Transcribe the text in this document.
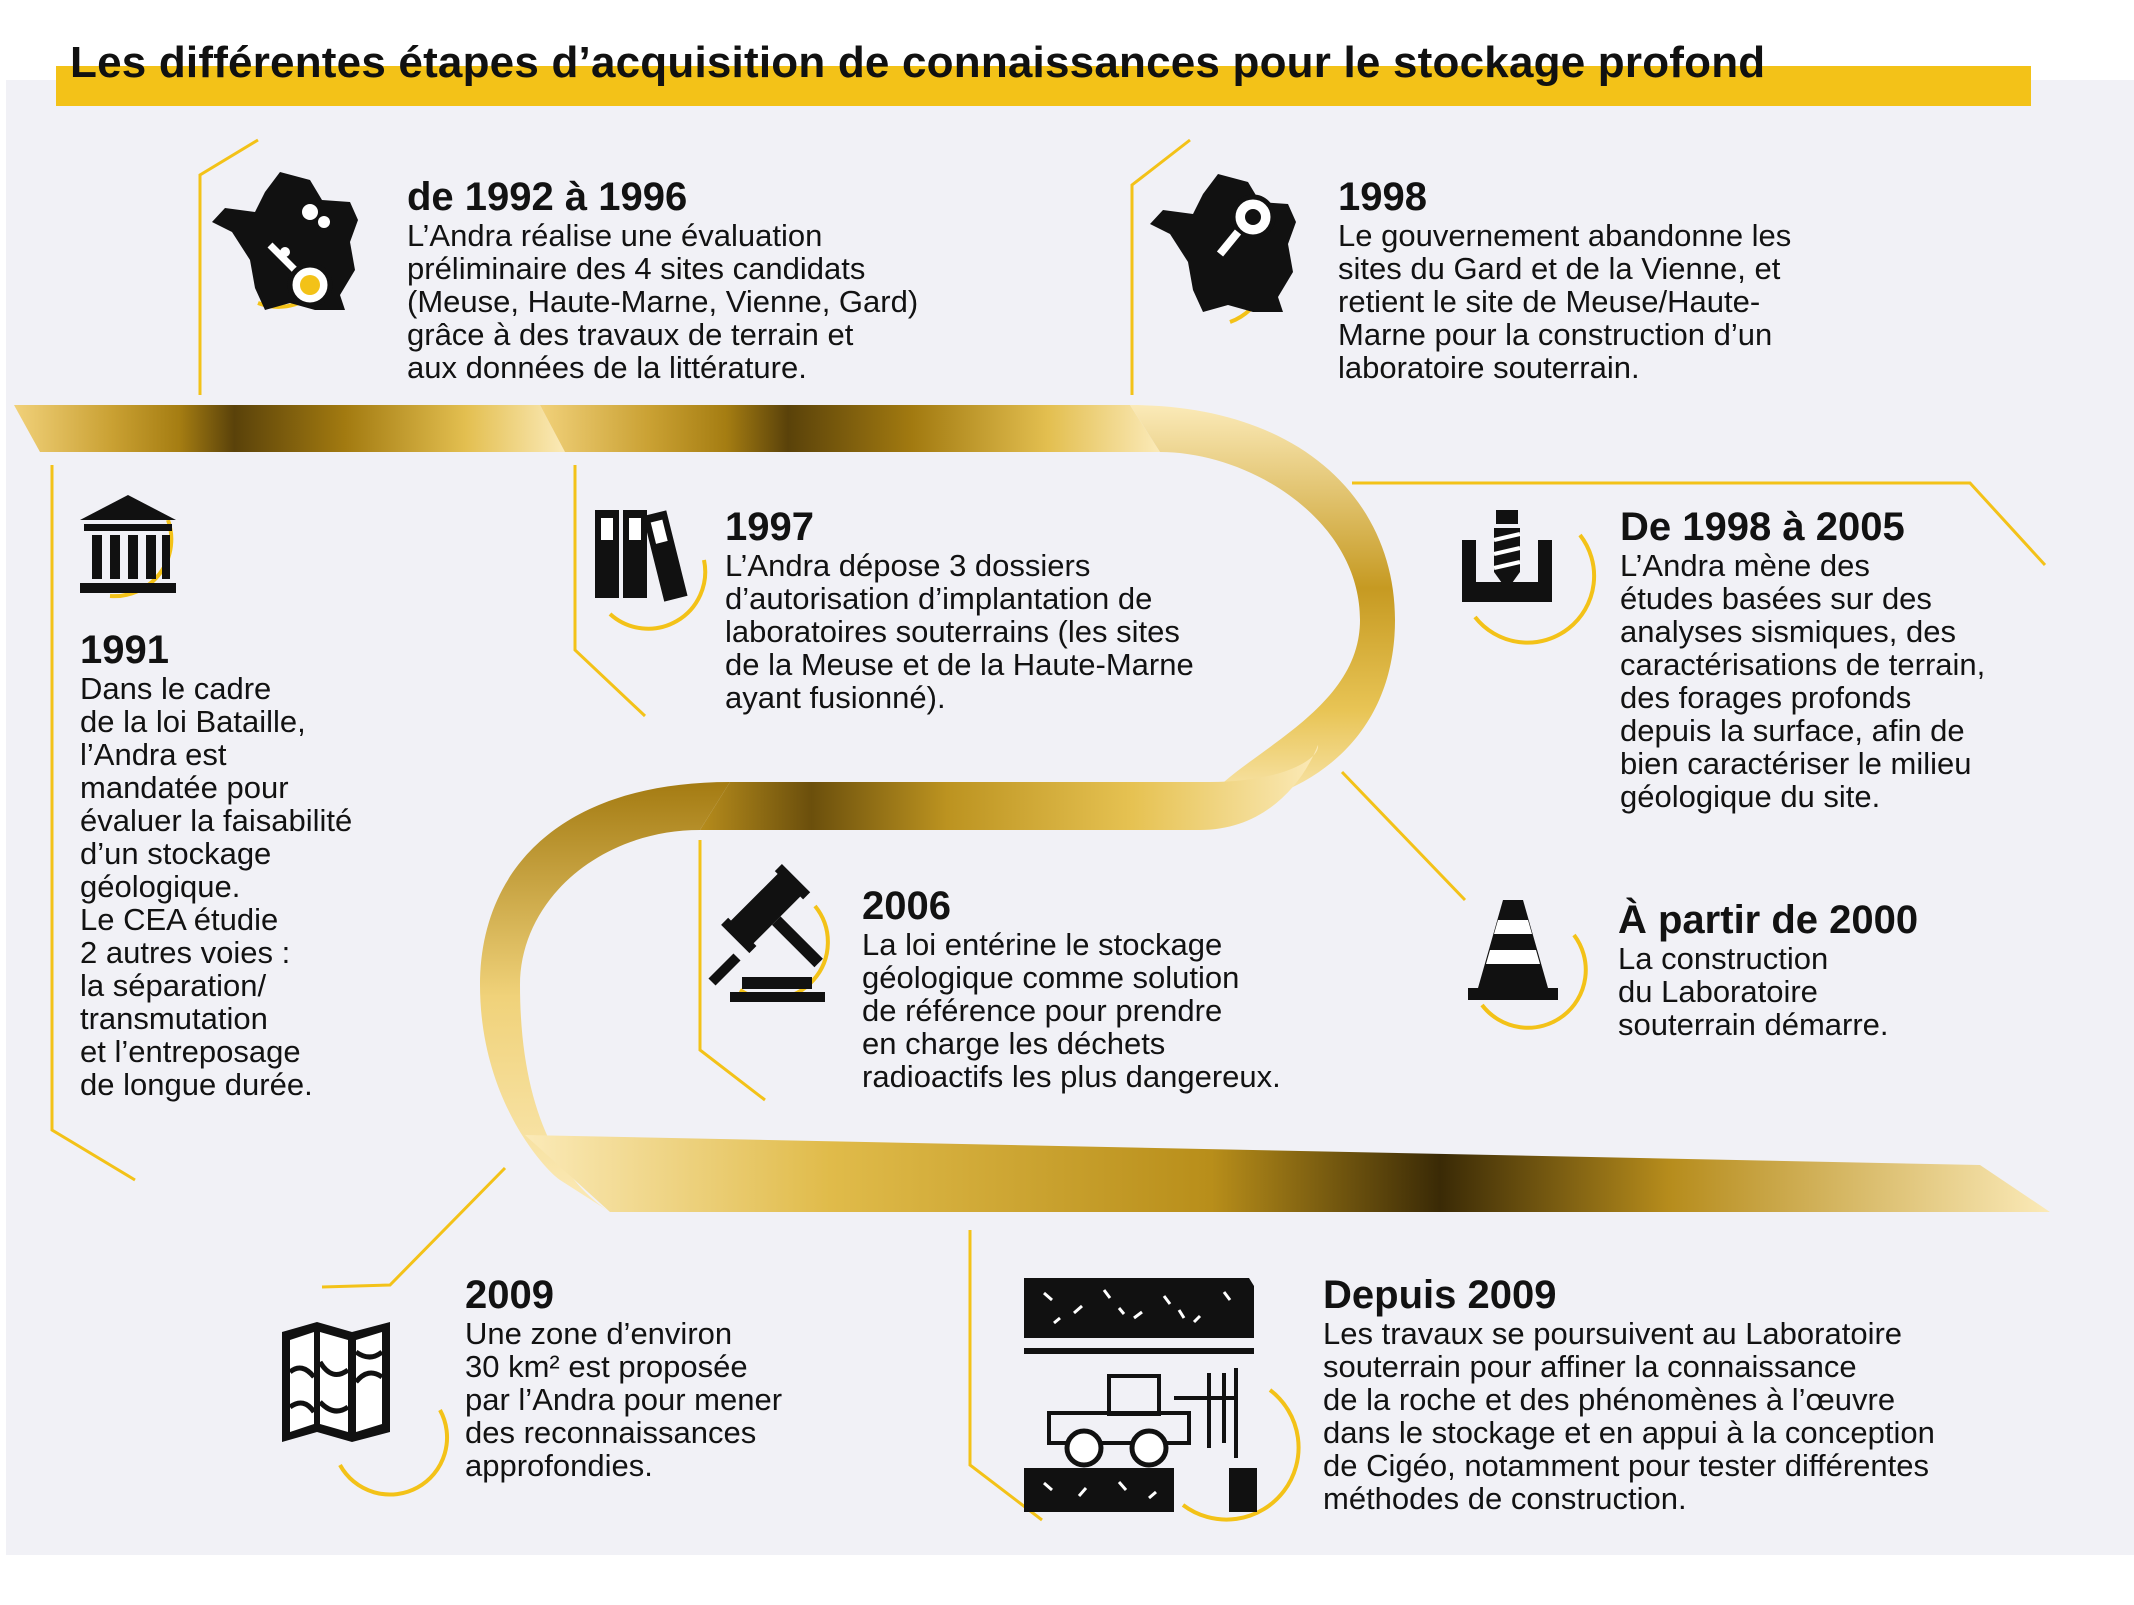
Les différentes étapes d’acquisition de connaissances pour le stockage profond
1991
Dans le cadre
de la loi Bataille,
l’Andra est
mandatée pour
évaluer la faisabilité
d’un stockage
géologique.
Le CEA étudie
2 autres voies :
la séparation/
transmutation
et l’entreposage
de longue durée.
de 1992 à 1996
L’Andra réalise une évaluation
préliminaire des 4 sites candidats
(Meuse, Haute-Marne, Vienne, Gard)
grâce à des travaux de terrain et
aux données de la littérature.
1997
L’Andra dépose 3 dossiers
d’autorisation d’implantation de
laboratoires souterrains (les sites
de la Meuse et de la Haute-Marne
ayant fusionné).
1998
Le gouvernement abandonne les
sites du Gard et de la Vienne, et
retient le site de Meuse/Haute-
Marne pour la construction d’un
laboratoire souterrain.
De 1998 à 2005
L’Andra mène des
études basées sur des
analyses sismiques, des
caractérisations de terrain,
des forages profonds
depuis la surface, afin de
bien caractériser le milieu
géologique du site.
À partir de 2000
La construction
du Laboratoire
souterrain démarre.
2006
La loi entérine le stockage
géologique comme solution
de référence pour prendre
en charge les déchets
radioactifs les plus dangereux.
2009
Une zone d’environ
30 km² est proposée
par l’Andra pour mener
des reconnaissances
approfondies.
Depuis 2009
Les travaux se poursuivent au Laboratoire
souterrain pour affiner la connaissance
de la roche et des phénomènes à l’œuvre
dans le stockage et en appui à la conception
de Cigéo, notamment pour tester différentes
méthodes de construction.
